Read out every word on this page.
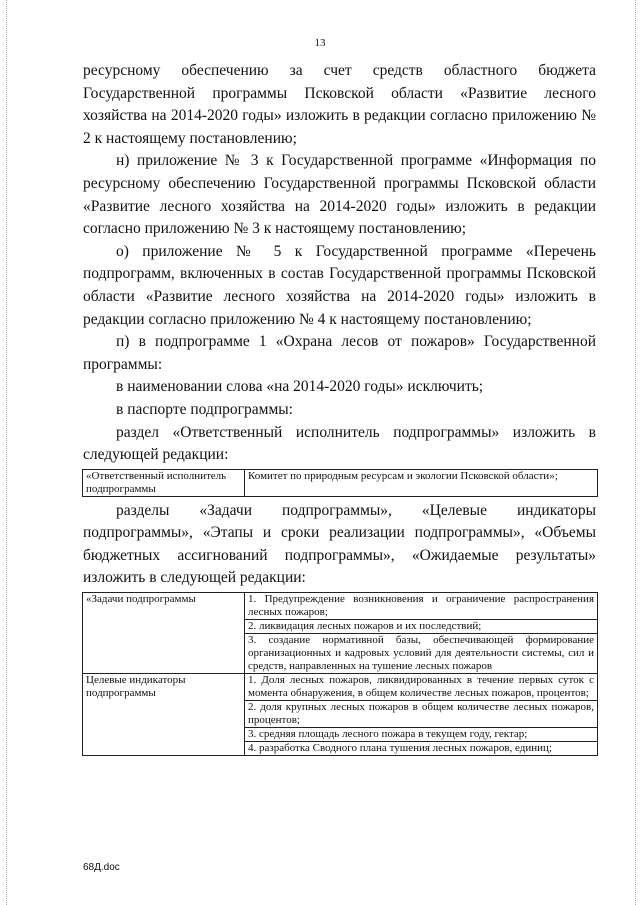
13

ресурсному обеспечению за счет средств областного бюджета Государственной программы Псковской области «Развитие лесного хозяйства на 2014-2020 годы» изложить в редакции согласно приложению № 2 к настоящему постановлению;

н) приложение № 3 к Государственной программе «Информация по ресурсному обеспечению Государственной программы Псковской области «Развитие лесного хозяйства на 2014-2020 годы» изложить в редакции согласно приложению № 3 к настоящему постановлению;

о) приложение № 5 к Государственной программе «Перечень подпрограмм, включенных в состав Государственной программы Псковской области «Развитие лесного хозяйства на 2014-2020 годы» изложить в редакции согласно приложению № 4 к настоящему постановлению;

п) в подпрограмме 1 «Охрана лесов от пожаров» Государственной программы:

в наименовании слова «на 2014-2020 годы» исключить;

в паспорте подпрограммы:

раздел «Ответственный исполнитель подпрограммы» изложить в следующей редакции:

«Ответственный исполнитель подпрограммы	Комитет по природным ресурсам и экологии Псковской области»;

разделы «Задачи подпрограммы», «Целевые индикаторы подпрограммы», «Этапы и сроки реализации подпрограммы», «Объемы бюджетных ассигнований подпрограммы», «Ожидаемые результаты» изложить в следующей редакции:

«Задачи подпрограммы	1. Предупреждение возникновения и ограничение распространения лесных пожаров;
2. ликвидация лесных пожаров и их последствий;
3. создание нормативной базы, обеспечивающей формирование организационных и кадровых условий для деятельности системы, сил и средств, направленных на тушение лесных пожаров

Целевые индикаторы подпрограммы	1. Доля лесных пожаров, ликвидированных в течение первых суток с момента обнаружения, в общем количестве лесных пожаров, процентов;
2. доля крупных лесных пожаров в общем количестве лесных пожаров, процентов;
3. средняя площадь лесного пожара в текущем году, гектар;
4. разработка Сводного плана тушения лесных пожаров, единиц;
68Д.doc
